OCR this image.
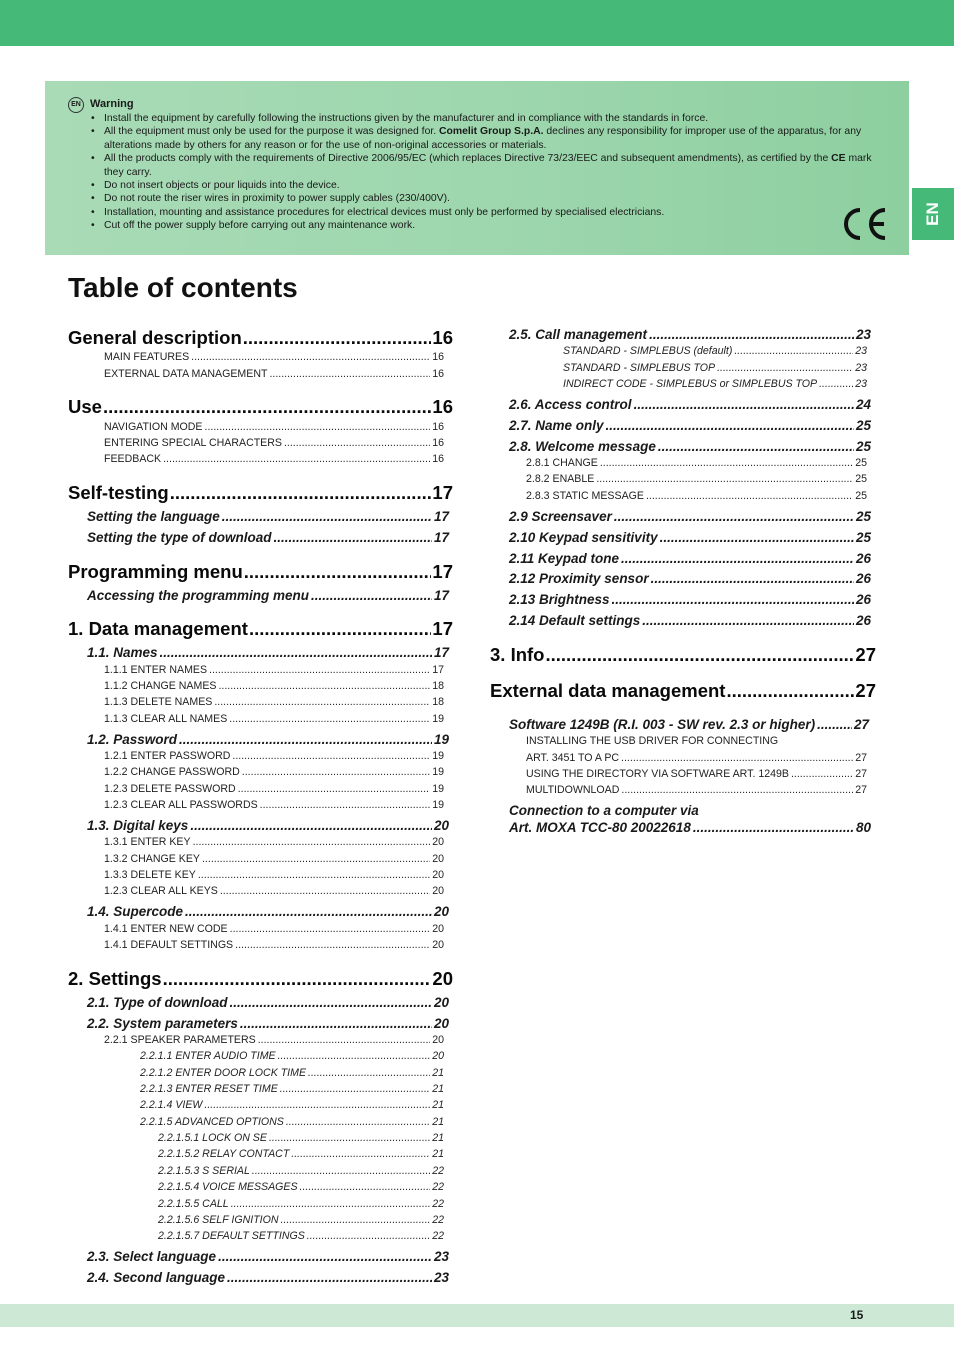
EN Warning
• Install the equipment by carefully following the instructions given by the manufacturer and in compliance with the standards in force.
• All the equipment must only be used for the purpose it was designed for. Comelit Group S.p.A. declines any responsibility for improper use of the apparatus, for any alterations made by others for any reason or for the use of non-original accessories or materials.
• All the products comply with the requirements of Directive 2006/95/EC (which replaces Directive 73/23/EEC and subsequent amendments), as certified by the CE mark they carry.
• Do not insert objects or pour liquids into the device.
• Do not route the riser wires in proximity to power supply cables (230/400V).
• Installation, mounting and assistance procedures for electrical devices must only be performed by specialised electricians.
• Cut off the power supply before carrying out any maintenance work.	EN
Table of contents
General description .....	16
MAIN FEATURES .....	16
EXTERNAL DATA MANAGEMENT .....	16
Use .....	16
NAVIGATION MODE .....	16
ENTERING SPECIAL CHARACTERS .....	16
FEEDBACK .....	16
Self-testing .....	17
Setting the language .....	17
Setting the type of download .....	17
Programming menu .....	17
Accessing the programming menu .....	17
1. Data management .....	17
1.1. Names .....	17
1.1.1 ENTER NAMES .....	17
1.1.2 CHANGE NAMES .....	18
1.1.3 DELETE NAMES .....	18
1.1.3 CLEAR ALL NAMES .....	19
1.2. Password .....	19
1.2.1 ENTER PASSWORD .....	19
1.2.2 CHANGE PASSWORD .....	19
1.2.3 DELETE PASSWORD .....	19
1.2.3 CLEAR ALL PASSWORDS .....	19
1.3. Digital keys .....	20
1.3.1 ENTER KEY .....	20
1.3.2 CHANGE KEY .....	20
1.3.3 DELETE KEY .....	20
1.2.3 CLEAR ALL KEYS .....	20
1.4. Supercode .....	20
1.4.1 ENTER NEW CODE .....	20
1.4.1 DEFAULT SETTINGS .....	20
2. Settings .....	20
2.1. Type of download .....	20
2.2. System parameters .....	20
2.2.1 SPEAKER PARAMETERS .....	20
2.2.1.1 ENTER AUDIO TIME .....	20
2.2.1.2 ENTER DOOR LOCK TIME .....	21
2.2.1.3 ENTER RESET TIME .....	21
2.2.1.4 VIEW .....	21
2.2.1.5 ADVANCED OPTIONS .....	21
2.2.1.5.1 LOCK ON SE .....	21
2.2.1.5.2 RELAY CONTACT .....	21
2.2.1.5.3 S SERIAL .....	22
2.2.1.5.4 VOICE MESSAGES .....	22
2.2.1.5.5 CALL .....	22
2.2.1.5.6 SELF IGNITION .....	22
2.2.1.5.7 DEFAULT SETTINGS .....	22
2.3. Select language .....	23
2.4. Second language .....	23
2.5. Call management .....	23
STANDARD - SIMPLEBUS (default) .....	23
STANDARD - SIMPLEBUS TOP .....	23
INDIRECT CODE - SIMPLEBUS or SIMPLEBUS TOP .....	23
2.6. Access control .....	24
2.7. Name only .....	25
2.8. Welcome message .....	25
2.8.1 CHANGE .....	25
2.8.2 ENABLE .....	25
2.8.3 STATIC MESSAGE .....	25
2.9 Screensaver .....	25
2.10 Keypad sensitivity .....	25
2.11 Keypad tone .....	26
2.12 Proximity sensor .....	26
2.13 Brightness .....	26
2.14 Default settings .....	26
3. Info .....	27
External data management .....	27
Software 1249B (R.I. 003 - SW rev. 2.3 or higher) .....	27
INSTALLING THE USB DRIVER FOR CONNECTING
ART. 3451 TO A PC .....	27
USING THE DIRECTORY VIA SOFTWARE ART. 1249B .....	27
MULTIDOWNLOAD .....	27
Connection to a computer via
Art. MOXA TCC-80 20022618 .....	80
15
